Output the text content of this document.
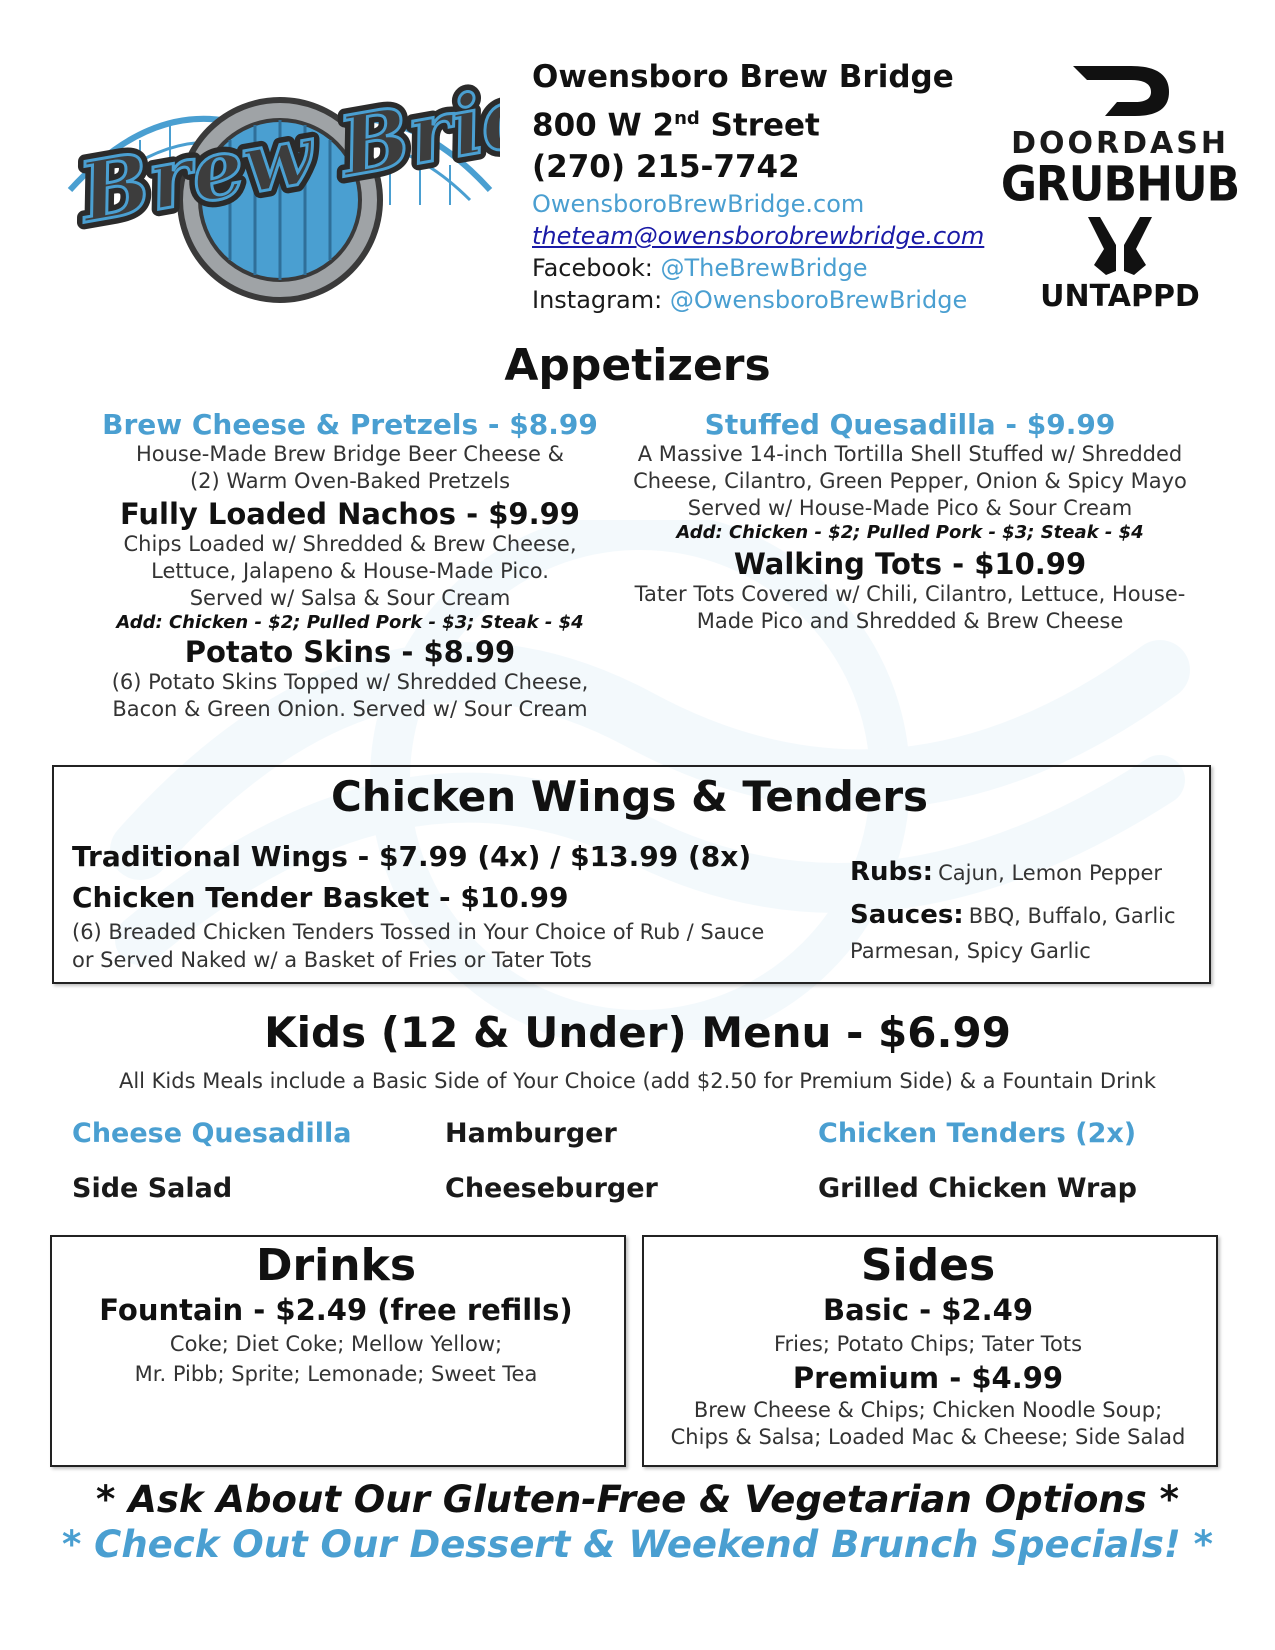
Brew Bridge
Brew Bridge
Owensboro Brew Bridge
800 W 2nd Street
(270) 215-7742
OwensboroBrewBridge.com
theteam@owensborobrewbridge.com
Facebook: @TheBrewBridge
Instagram: @OwensboroBrewBridge
DOORDASH
GRUBHUB
UNTAPPD
Appetizers
Brew Cheese & Pretzels - $8.99
House-Made Brew Bridge Beer Cheese &
(2) Warm Oven-Baked Pretzels
Fully Loaded Nachos - $9.99
Chips Loaded w/ Shredded & Brew Cheese,
Lettuce, Jalapeno & House-Made Pico.
Served w/ Salsa & Sour Cream
Add: Chicken - $2; Pulled Pork - $3; Steak - $4
Potato Skins - $8.99
(6) Potato Skins Topped w/ Shredded Cheese,
Bacon & Green Onion. Served w/ Sour Cream
Stuffed Quesadilla - $9.99
A Massive 14-inch Tortilla Shell Stuffed w/ Shredded
Cheese, Cilantro, Green Pepper, Onion & Spicy Mayo
Served w/ House-Made Pico & Sour Cream
Add: Chicken - $2; Pulled Pork - $3; Steak - $4
Walking Tots - $10.99
Tater Tots Covered w/ Chili, Cilantro, Lettuce, House-
Made Pico and Shredded & Brew Cheese
Chicken Wings & Tenders
Traditional Wings - $7.99 (4x) / $13.99 (8x)
Chicken Tender Basket - $10.99
(6) Breaded Chicken Tenders Tossed in Your Choice of Rub / Sauce
or Served Naked w/ a Basket of Fries or Tater Tots
Rubs: Cajun, Lemon Pepper
Sauces: BBQ, Buffalo, Garlic
Parmesan, Spicy Garlic
Kids (12 & Under) Menu - $6.99
All Kids Meals include a Basic Side of Your Choice (add $2.50 for Premium Side) & a Fountain Drink
Cheese Quesadilla	Hamburger	Chicken Tenders (2x)
Side Salad	Cheeseburger	Grilled Chicken Wrap
Drinks
Fountain - $2.49 (free refills)
Coke; Diet Coke; Mellow Yellow;
Mr. Pibb; Sprite; Lemonade; Sweet Tea
Sides
Basic - $2.49
Fries; Potato Chips; Tater Tots
Premium - $4.99
Brew Cheese & Chips; Chicken Noodle Soup;
Chips & Salsa; Loaded Mac & Cheese; Side Salad
* Ask About Our Gluten-Free & Vegetarian Options *
* Check Out Our Dessert & Weekend Brunch Specials! *
